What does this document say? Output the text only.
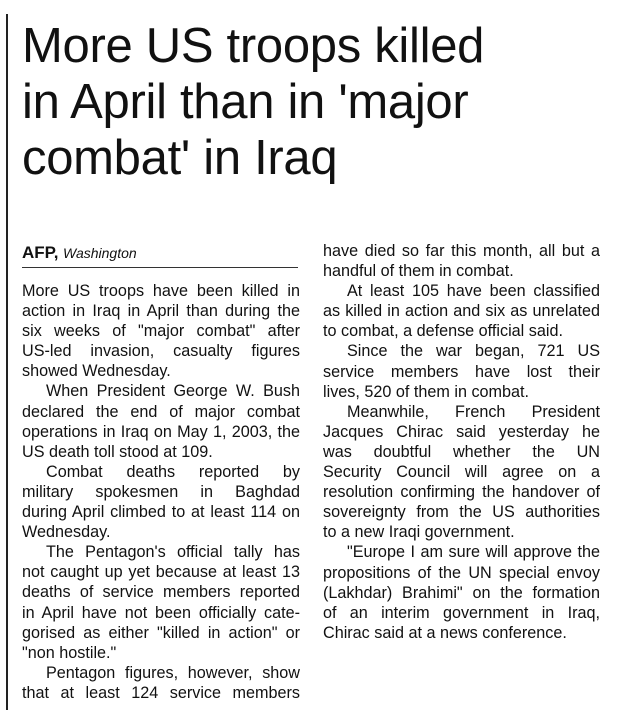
More US troops killed
in April than in 'major
combat' in Iraq
AFP, Washington
More US troops have been killed in
action in Iraq in April than during the
six weeks of "major combat" after
US-led invasion, casualty figures
showed Wednesday.
When President George W. Bush
declared the end of major combat
operations in Iraq on May 1, 2003, the
US death toll stood at 109.
Combat deaths reported by
military spokesmen in Baghdad
during April climbed to at least 114 on
Wednesday.
The Pentagon's official tally has
not caught up yet because at least 13
deaths of service members reported
in April have not been officially cate-
gorised as either "killed in action" or
"non hostile."
Pentagon figures, however, show
that at least 124 service members
have died so far this month, all but a
handful of them in combat.
At least 105 have been classified
as killed in action and six as unrelated
to combat, a defense official said.
Since the war began, 721 US
service members have lost their
lives, 520 of them in combat.
Meanwhile, French President
Jacques Chirac said yesterday he
was doubtful whether the UN
Security Council will agree on a
resolution confirming the handover of
sovereignty from the US authorities
to a new Iraqi government.
"Europe I am sure will approve the
propositions of the UN special envoy
(Lakhdar) Brahimi" on the formation
of an interim government in Iraq,
Chirac said at a news conference.
